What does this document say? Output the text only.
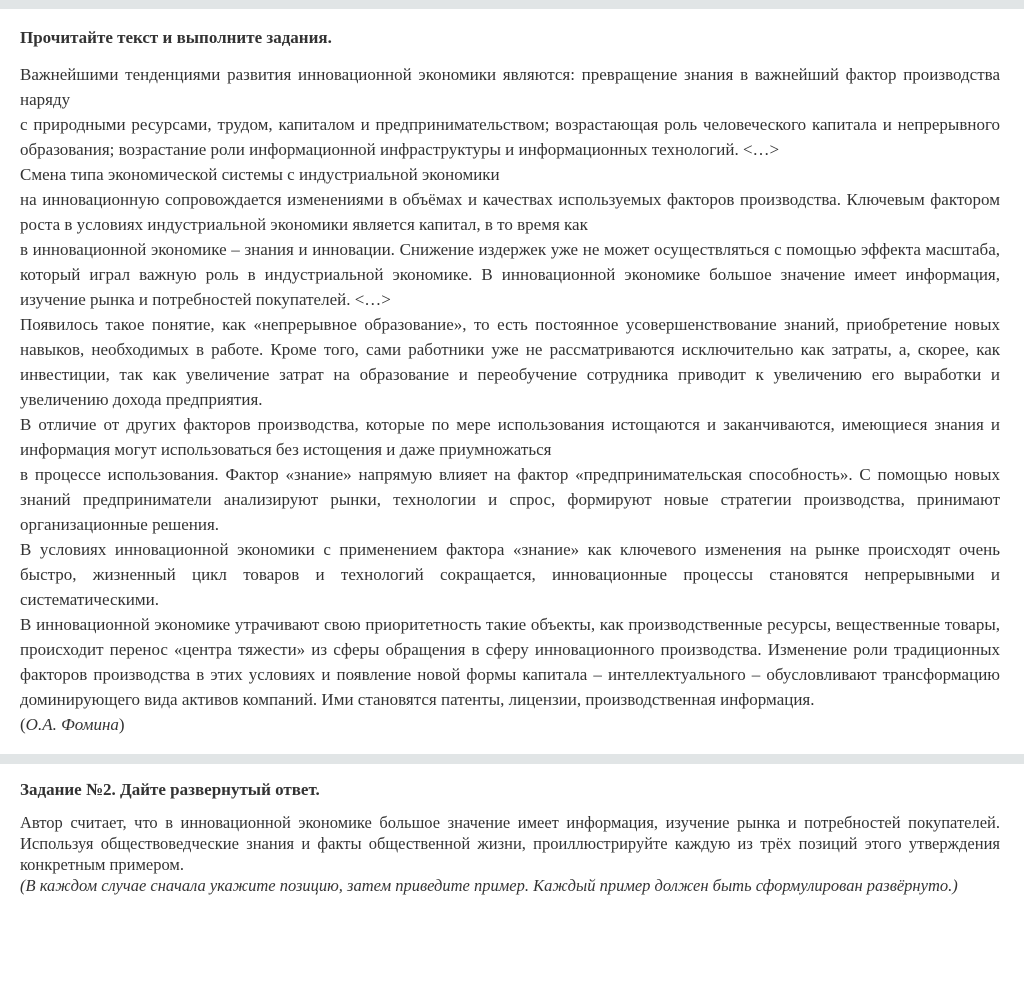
Прочитайте текст и выполните задания.

Важнейшими тенденциями развития инновационной экономики являются: превращение знания в важнейший фактор производства наряду

с природными ресурсами, трудом, капиталом и предпринимательством; возрастающая роль человеческого капитала и непрерывного образования; возрастание роли информационной инфраструктуры и информационных технологий. <…>

Смена типа экономической системы с индустриальной экономики

на инновационную сопровождается изменениями в объёмах и качествах используемых факторов производства. Ключевым фактором роста в условиях индустриальной экономики является капитал, в то время как

в инновационной экономике – знания и инновации. Снижение издержек уже не может осуществляться с помощью эффекта масштаба, который играл важную роль в индустриальной экономике. В инновационной экономике большое значение имеет информация, изучение рынка и потребностей покупателей. <…>

Появилось такое понятие, как «непрерывное образование», то есть постоянное усовершенствование знаний, приобретение новых навыков, необходимых в работе. Кроме того, сами работники уже не рассматриваются исключительно как затраты, а, скорее, как инвестиции, так как увеличение затрат на образование и переобучение сотрудника приводит к увеличению его выработки и увеличению дохода предприятия.

В отличие от других факторов производства, которые по мере использования истощаются и заканчиваются, имеющиеся знания и информация могут использоваться без истощения и даже приумножаться

в процессе использования. Фактор «знание» напрямую влияет на фактор «предпринимательская способность». С помощью новых знаний предприниматели анализируют рынки, технологии и спрос, формируют новые стратегии производства, принимают организационные решения.

В условиях инновационной экономики с применением фактора «знание» как ключевого изменения на рынке происходят очень быстро, жизненный цикл товаров и технологий сокращается, инновационные процессы становятся непрерывными и систематическими.

В инновационной экономике утрачивают свою приоритетность такие объекты, как производственные ресурсы, вещественные товары, происходит перенос «центра тяжести» из сферы обращения в сферу инновационного производства. Изменение роли традиционных факторов производства в этих условиях и появление новой формы капитала – интеллектуального – обусловливают трансформацию доминирующего вида активов компаний. Ими становятся патенты, лицензии, производственная информация.

(О.А. Фомина)

Задание №2. Дайте развернутый ответ.

Автор считает, что в инновационной экономике большое значение имеет информация, изучение рынка и потребностей покупателей. Используя обществоведческие знания и факты общественной жизни, проиллюстрируйте каждую из трёх позиций этого утверждения конкретным примером.

(В каждом случае сначала укажите позицию, затем приведите пример. Каждый пример должен быть сформулирован развёрнуто.)
